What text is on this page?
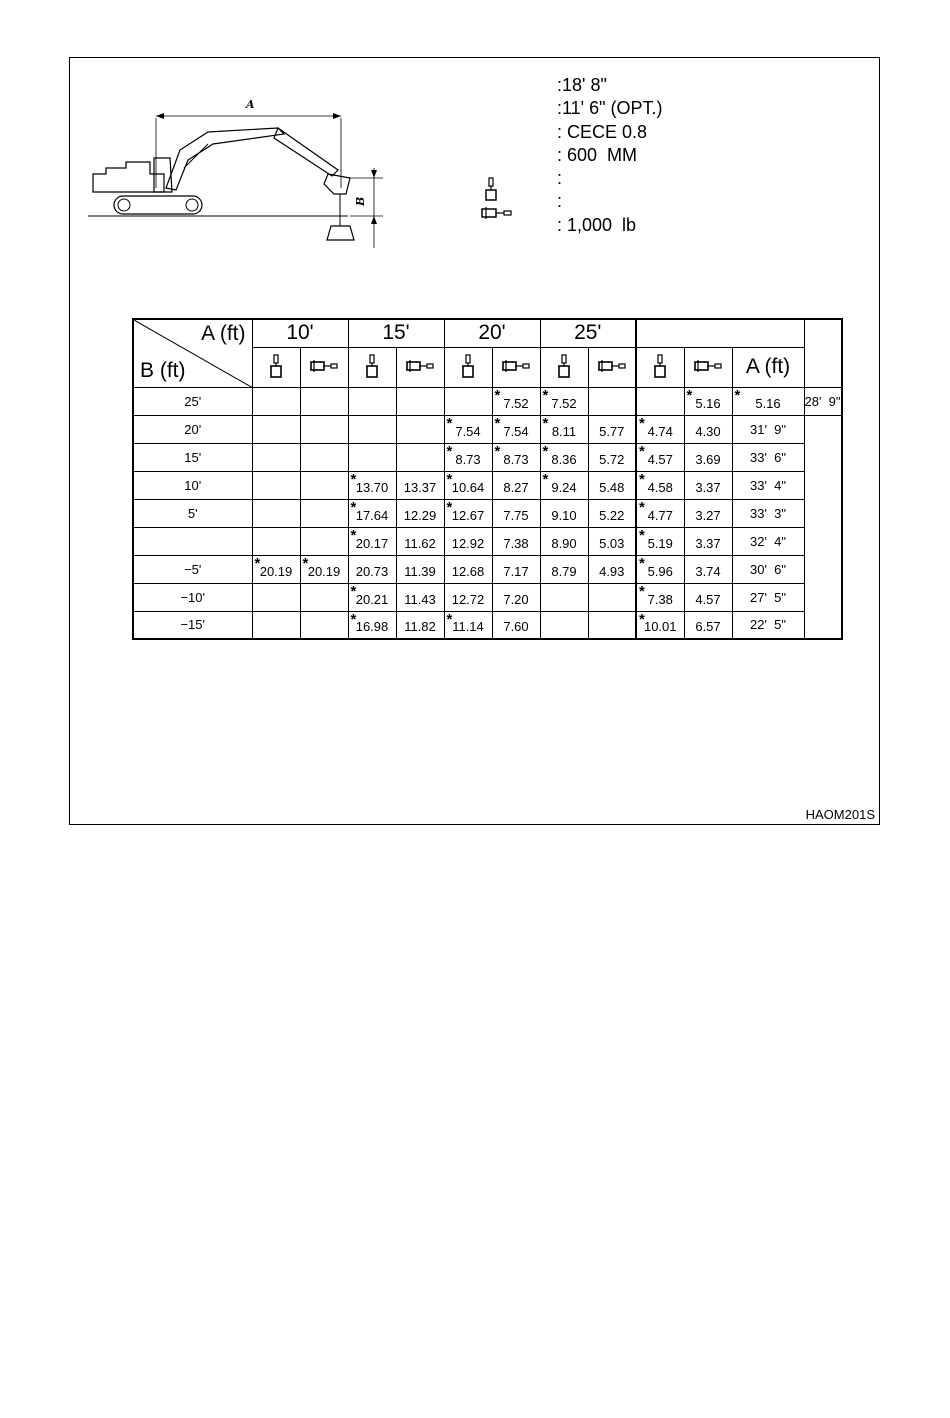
A
B
:18' 8"
:11' 6" (OPT.)
: CECE 0.8
: 600  MM
:
:
: 1,000  lb
A (ft)
B (ft)	10'		15'		20'		25'					
										A (ft)	
25'						* 7.52	* 7.52			* 5.16	* 5.16	28'  9"
20'					* 7.54	* 7.54	* 8.11	5.77	* 4.74	4.30	31'  9"	
15'					* 8.73	* 8.73	* 8.36	5.72	* 4.57	3.69	33'  6"	
10'			* 13.70	13.37	* 10.64	8.27	* 9.24	5.48	* 4.58	3.37	33'  4"	
5'			* 17.64	12.29	* 12.67	7.75	9.10	5.22	* 4.77	3.27	33'  3"	

			* 20.17	11.62	12.92	7.38	8.90	5.03	* 5.19	3.37	32'  4"	
−5'	* 20.19	* 20.19	20.73	11.39	12.68	7.17	8.79	4.93	* 5.96	3.74	30'  6"	
−10'			* 20.21	11.43	12.72	7.20			* 7.38	4.57	27'  5"	
−15'			* 16.98	11.82	* 11.14	7.60			* 10.01	6.57	22'  5"	
HAOM201S
